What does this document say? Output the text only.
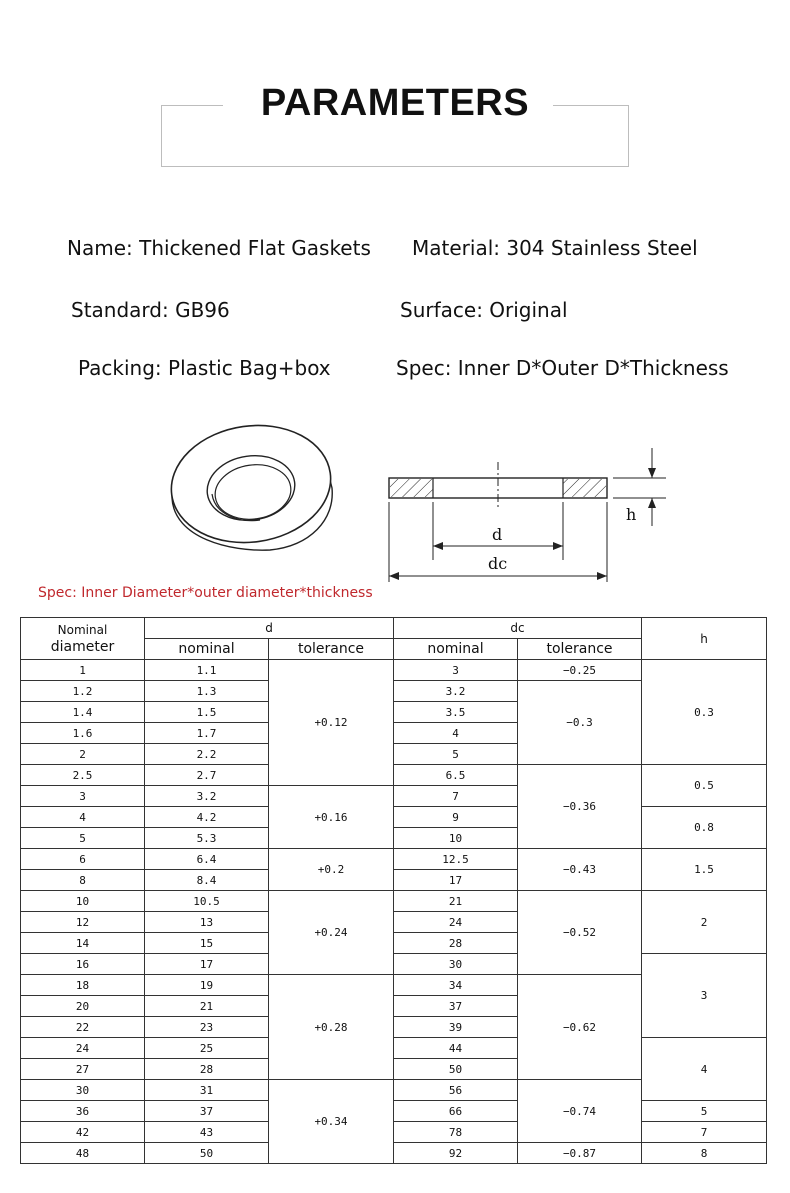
PARAMETERS
Name: Thickened Flat Gaskets Material: 304 Stainless Steel
Standard: GB96	Surface: Original
Packing: Plastic Bag+box	Spec: Inner D*Outer D*Thickness
h
d
dc
Spec: Inner Diameter*outer diameter*thickness
Nominal
diameter	d		dc		h
	nominal	tolerance	nominal	tolerance	
1	1.1	+0.12	3	−0.25	0.3
1.2	1.3		3.2	−0.3	
1.4	1.5		3.5		
1.6	1.7		4		
2	2.2		5		
2.5	2.7		6.5	−0.36	0.5
3	3.2	+0.16	7		
4	4.2		9		0.8
5	5.3		10		
6	6.4	+0.2	12.5	−0.43	1.5
8	8.4		17		
10	10.5	+0.24	21	−0.52	2
12	13		24		
14	15		28		
16	17		30		3
18	19	+0.28	34	−0.62	
20	21		37		
22	23		39		
24	25		44		4
27	28		50		
30	31	+0.34	56	−0.74	
36	37		66		5
42	43		78		7
48	50		92	−0.87	8
